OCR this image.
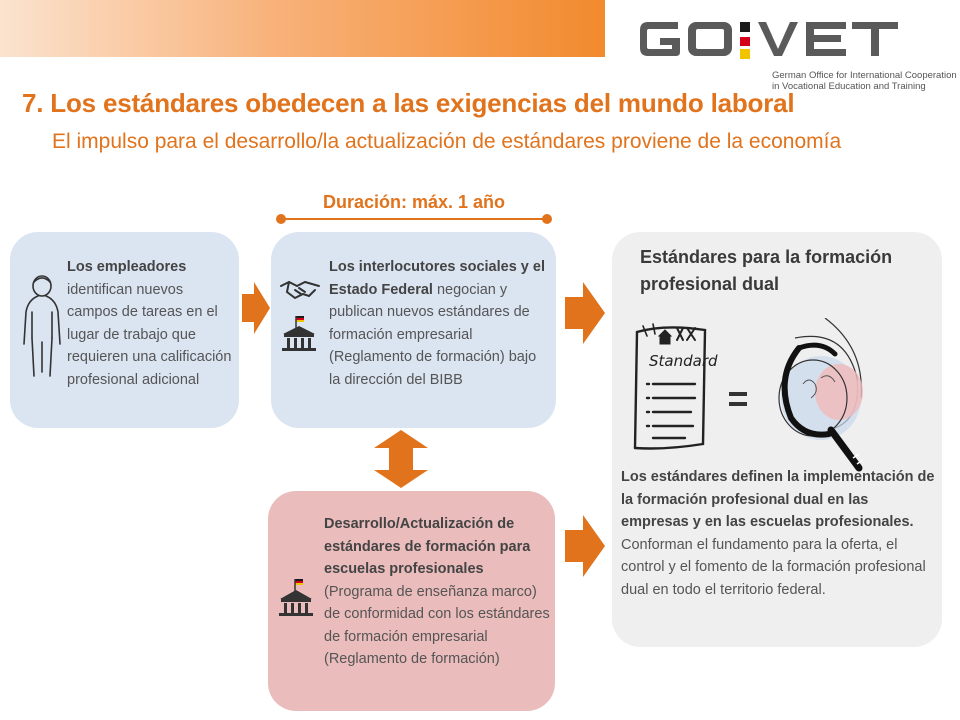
German Office for International Cooperation
in Vocational Education and Training
7. Los estándares obedecen a las exigencias del mundo laboral
El impulso para el desarrollo/la actualización de estándares proviene de la economía
Duración: máx. 1 año
Los empleadores identifican nuevos campos de tareas en el lugar de trabajo que requieren una calificación profesional adicional
Los interlocutores sociales y el Estado Federal negocian y publican nuevos estándares de formación empresarial (Reglamento de formación) bajo la dirección del BIBB
Desarrollo/Actualización de estándares de formación para escuelas profesionales (Programa de enseñanza marco) de conformidad con los estándares de formación empresarial (Reglamento de formación)
Estándares para la formación profesional dual
Standard
Los estándares definen la implementación de la formación profesional dual en las empresas y en las escuelas profesionales. Conforman el fundamento para la oferta, el control y el fomento de la formación profesional dual en todo el territorio federal.
